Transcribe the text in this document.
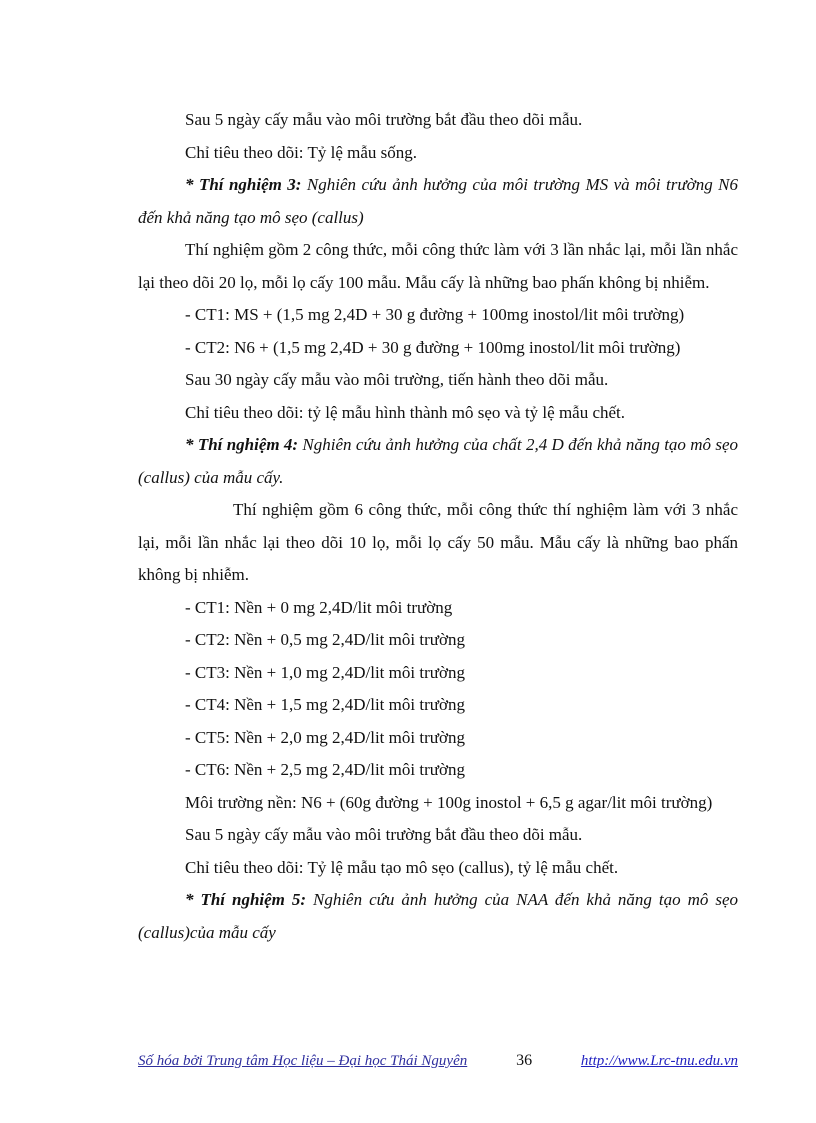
Sau 5 ngày cấy mẫu vào môi trường bắt đầu theo dõi mẫu.

Chỉ tiêu theo dõi: Tỷ lệ mẫu sống.

* Thí nghiệm 3: Nghiên cứu ảnh hưởng của môi trường MS và môi trường N6 đến khả năng tạo mô sẹo (callus)

Thí nghiệm gồm 2 công thức, mỗi công thức làm với 3 lần nhắc lại, mỗi lần nhắc lại theo dõi 20 lọ, mỗi lọ cấy 100 mẫu. Mẫu cấy là những bao phấn không bị nhiễm.

- CT1: MS + (1,5 mg 2,4D + 30 g đường + 100mg inostol/lit môi trường)

- CT2: N6 + (1,5 mg 2,4D + 30 g đường + 100mg inostol/lit môi trường)

Sau 30 ngày cấy mẫu vào môi trường, tiến hành theo dõi mẫu.

Chỉ tiêu theo dõi: tỷ lệ mẫu hình thành mô sẹo và tỷ lệ mẫu chết.

* Thí nghiệm 4: Nghiên cứu ảnh hưởng của chất 2,4 D đến khả năng tạo mô sẹo (callus) của mẫu cấy.

Thí nghiệm gồm 6 công thức, mỗi công thức thí nghiệm làm với 3 nhắc lại, mỗi lần nhắc lại theo dõi 10 lọ, mỗi lọ cấy 50 mẫu. Mẫu cấy là những bao phấn không bị nhiễm.

- CT1: Nền + 0 mg 2,4D/lit môi trường

- CT2: Nền + 0,5 mg 2,4D/lit môi trường

- CT3: Nền + 1,0 mg 2,4D/lit môi trường

- CT4: Nền + 1,5 mg 2,4D/lit môi trường

- CT5: Nền + 2,0 mg 2,4D/lit môi trường

- CT6: Nền + 2,5 mg 2,4D/lit môi trường

Môi trường nền: N6 + (60g đường + 100g inostol + 6,5 g agar/lit môi trường)

Sau 5 ngày cấy mẫu vào môi trường bắt đầu theo dõi mẫu.

Chỉ tiêu theo dõi: Tỷ lệ mẫu tạo mô sẹo (callus), tỷ lệ mẫu chết.

* Thí nghiệm 5: Nghiên cứu ảnh hưởng của NAA đến khả năng tạo mô sẹo (callus)của mẫu cấy

Số hóa bởi Trung tâm Học liệu – Đại học Thái Nguyên	36	http://www.Lrc-tnu.edu.vn
